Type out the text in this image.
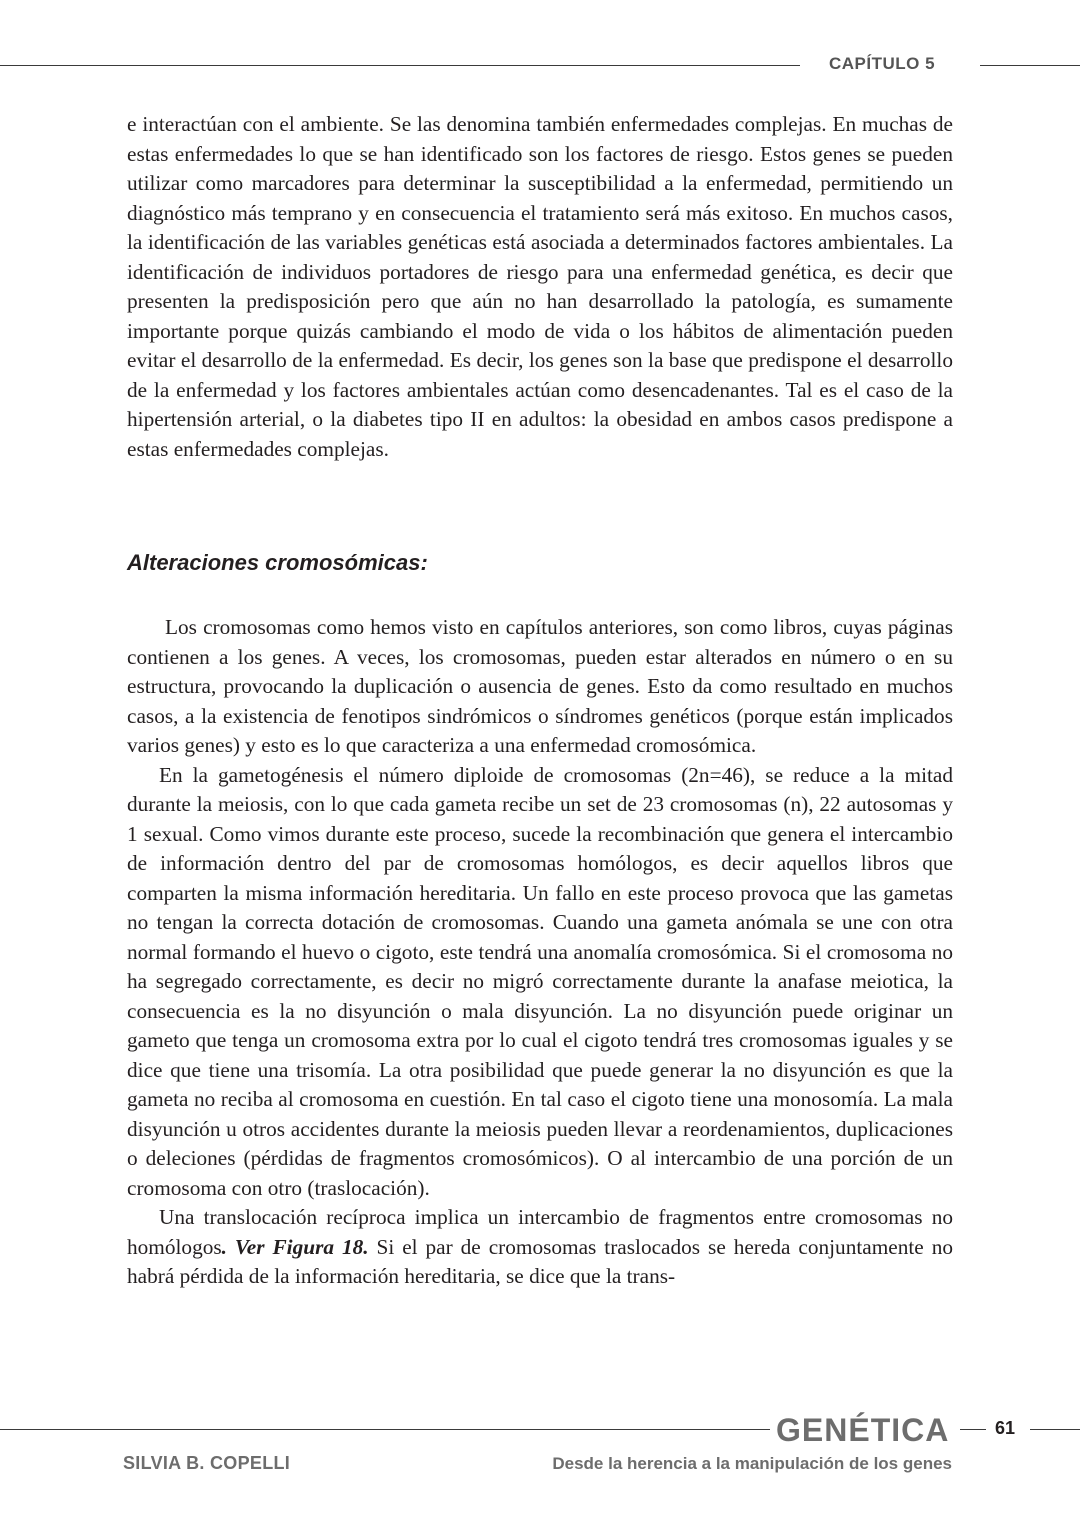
CAPÍTULO 5

e interactúan con el ambiente. Se las denomina también enfermedades complejas. En muchas de estas enfermedades lo que se han identificado son los factores de riesgo. Estos genes se pueden utilizar como marcadores para determinar la susceptibilidad a la enfermedad, permitiendo un diagnóstico más temprano y en consecuencia el tratamiento será más exitoso. En muchos casos, la identificación de las variables genéticas está asociada a determinados factores ambientales. La identificación de individuos portadores de riesgo para una enfermedad genética, es decir que presenten la predisposición pero que aún no han desarrollado la patología, es sumamente importante porque quizás cambiando el modo de vida o los hábitos de alimentación pueden evitar el desarrollo de la enfermedad. Es decir, los genes son la base que predispone el desarrollo de la enfermedad y los factores ambientales actúan como desencadenantes. Tal es el caso de la hipertensión arterial, o la diabetes tipo II en adultos: la obesidad en ambos casos predispone a estas enfermedades complejas.

Alteraciones cromosómicas:

Los cromosomas como hemos visto en capítulos anteriores, son como libros, cuyas páginas contienen a los genes. A veces, los cromosomas, pueden estar alterados en número o en su estructura, provocando la duplicación o ausencia de genes. Esto da como resultado en muchos casos, a la existencia de fenotipos sindrómicos o síndromes genéticos (porque están implicados varios genes) y esto es lo que caracteriza a una enfermedad cromosómica.

En la gametogénesis el número diploide de cromosomas (2n=46), se reduce a la mitad durante la meiosis, con lo que cada gameta recibe un set de 23 cromosomas (n), 22 autosomas y 1 sexual. Como vimos durante este proceso, sucede la recombinación que genera el intercambio de información dentro del par de cromosomas homólogos, es decir aquellos libros que comparten la misma información hereditaria. Un fallo en este proceso provoca que las gametas no tengan la correcta dotación de cromosomas. Cuando una gameta anómala se une con otra normal formando el huevo o cigoto, este tendrá una anomalía cromosómica. Si el cromosoma no ha segregado correctamente, es decir no migró correctamente durante la anafase meiotica, la consecuencia es la no disyunción o mala disyunción. La no disyunción puede originar un gameto que tenga un cromosoma extra por lo cual el cigoto tendrá tres cromosomas iguales y se dice que tiene una trisomía. La otra posibilidad que puede generar la no disyunción es que la gameta no reciba al cromosoma en cuestión. En tal caso el cigoto tiene una monosomía. La mala disyunción u otros accidentes durante la meiosis pueden llevar a reordenamientos, duplicaciones o deleciones (pérdidas de fragmentos cromosómicos). O al intercambio de una porción de un cromosoma con otro (traslocación).

Una translocación recíproca implica un intercambio de fragmentos entre cromosomas no homólogos. Ver Figura 18. Si el par de cromosomas traslocados se hereda conjuntamente no habrá pérdida de la información hereditaria, se dice que la trans-

GENÉTICA	61
SILVIA B. COPELLI	Desde la herencia a la manipulación de los genes
